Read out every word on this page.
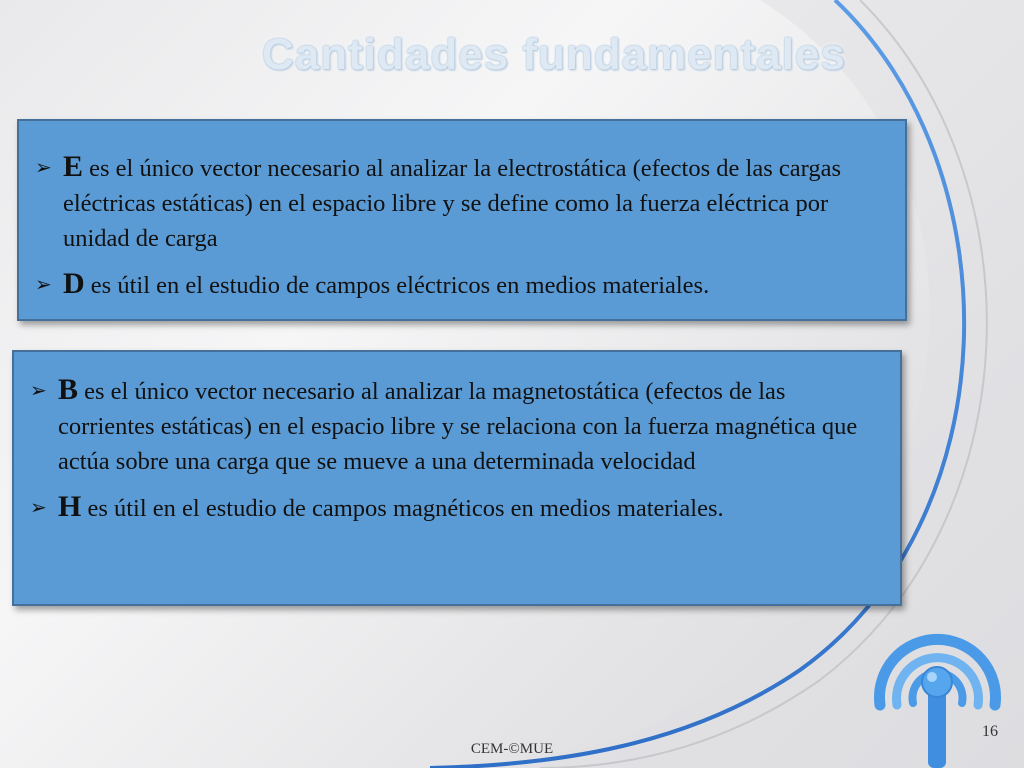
Cantidades fundamentales
➢ E es el único vector necesario al analizar la electrostática (efectos de las cargas eléctricas estáticas) en el espacio libre y se define como la fuerza eléctrica por unidad de carga
➢ D es útil en el estudio de campos eléctricos en medios materiales.
➢ B es el único vector necesario al analizar la magnetostática (efectos de las corrientes estáticas) en el espacio libre y se relaciona con la fuerza magnética que actúa sobre una carga que se mueve a una determinada velocidad
➢ H es útil en el estudio de campos magnéticos en medios materiales.
16
CEM-©MUE
